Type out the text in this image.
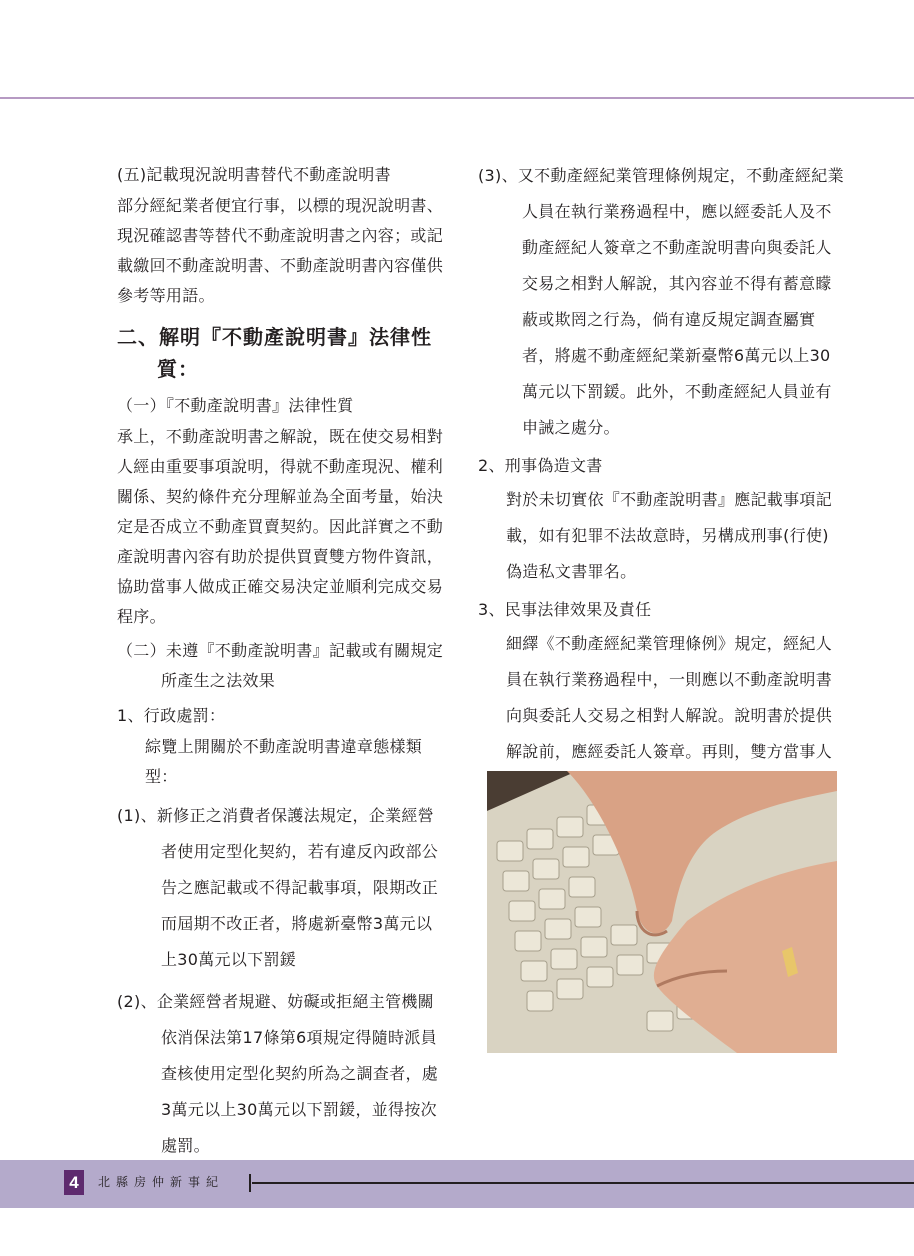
(五)記載現況說明書替代不動產說明書

部分經紀業者便宜行事，以標的現況說明書、現況確認書等替代不動產說明書之內容；或記載繳回不動產說明書、不動產說明書內容僅供參考等用語。

二、解明『不動產說明書』法律性
質：

（一）『不動產說明書』法律性質

承上，不動產說明書之解說，既在使交易相對人經由重要事項說明，得就不動產現況、權利關係、契約條件充分理解並為全面考量，始決定是否成立不動產買賣契約。因此詳實之不動產說明書內容有助於提供買賣雙方物件資訊，協助當事人做成正確交易決定並順利完成交易程序。

（二）未遵『不動產說明書』記載或有關規定所產生之法效果

1、行政處罰：

綜覽上開關於不動產說明書違章態樣類型：

(1)、新修正之消費者保護法規定，企業經營者使用定型化契約，若有違反內政部公告之應記載或不得記載事項，限期改正而屆期不改正者，將處新臺幣3萬元以上30萬元以下罰鍰

(2)、企業經營者規避、妨礙或拒絕主管機關依消保法第17條第6項規定得隨時派員查核使用定型化契約所為之調查者，處3萬元以上30萬元以下罰鍰，並得按次處罰。

(3)、又不動產經紀業管理條例規定，不動產經紀業人員在執行業務過程中，應以經委託人及不動產經紀人簽章之不動產說明書向與委託人交易之相對人解說，其內容並不得有蓄意矇蔽或欺罔之行為，倘有違反規定調查屬實者，將處不動產經紀業新臺幣6萬元以上30萬元以下罰鍰。此外，不動產經紀人員並有申誡之處分。

2、刑事偽造文書

對於未切實依『不動產說明書』應記載事項記載，如有犯罪不法故意時，另構成刑事(行使)偽造私文書罪名。

3、民事法律效果及責任

細繹《不動產經紀業管理條例》規定，經紀人員在執行業務過程中，一則應以不動產說明書向與委託人交易之相對人解說。說明書於提供解說前，應經委託人簽章。再則，雙方當事人

4	北縣房仲新事紀
